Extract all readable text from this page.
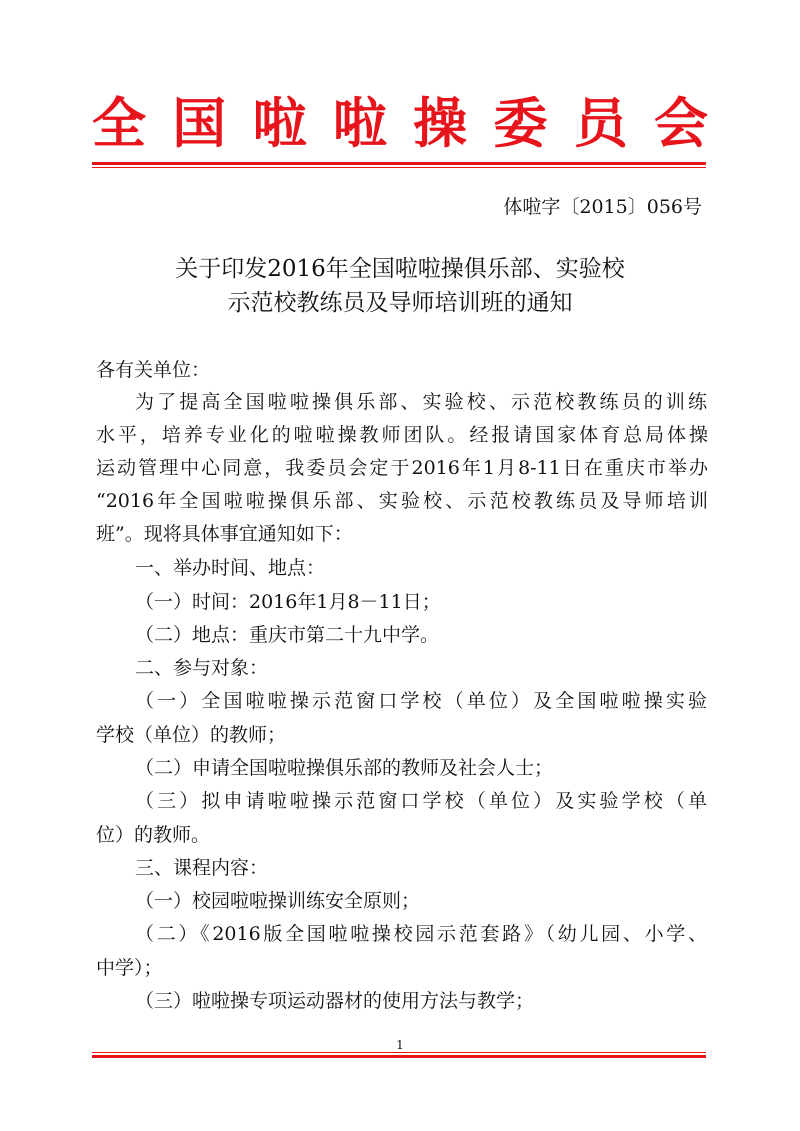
全 国 啦 啦 操 委 员 会
体啦字〔2015〕056号
关于印发2016年全国啦啦操俱乐部、实验校
示范校教练员及导师培训班的通知
各有关单位：
为了提高全国啦啦操俱乐部、实验校、示范校教练员的训练
水平，培养专业化的啦啦操教师团队。经报请国家体育总局体操
运动管理中心同意，我委员会定于2016年1月8-11日在重庆市举办
“2016年全国啦啦操俱乐部、实验校、示范校教练员及导师培训
班”。现将具体事宜通知如下：
一、举办时间、地点：
（一）时间：2016年1月8－11日；
（二）地点：重庆市第二十九中学。
二、参与对象：
（一）全国啦啦操示范窗口学校（单位）及全国啦啦操实验
学校（单位）的教师；
（二）申请全国啦啦操俱乐部的教师及社会人士；
（三）拟申请啦啦操示范窗口学校（单位）及实验学校（单
位）的教师。
三、课程内容：
（一）校园啦啦操训练安全原则；
（二）《2016版全国啦啦操校园示范套路》（幼儿园、小学、
中学）；
（三）啦啦操专项运动器材的使用方法与教学；
1
